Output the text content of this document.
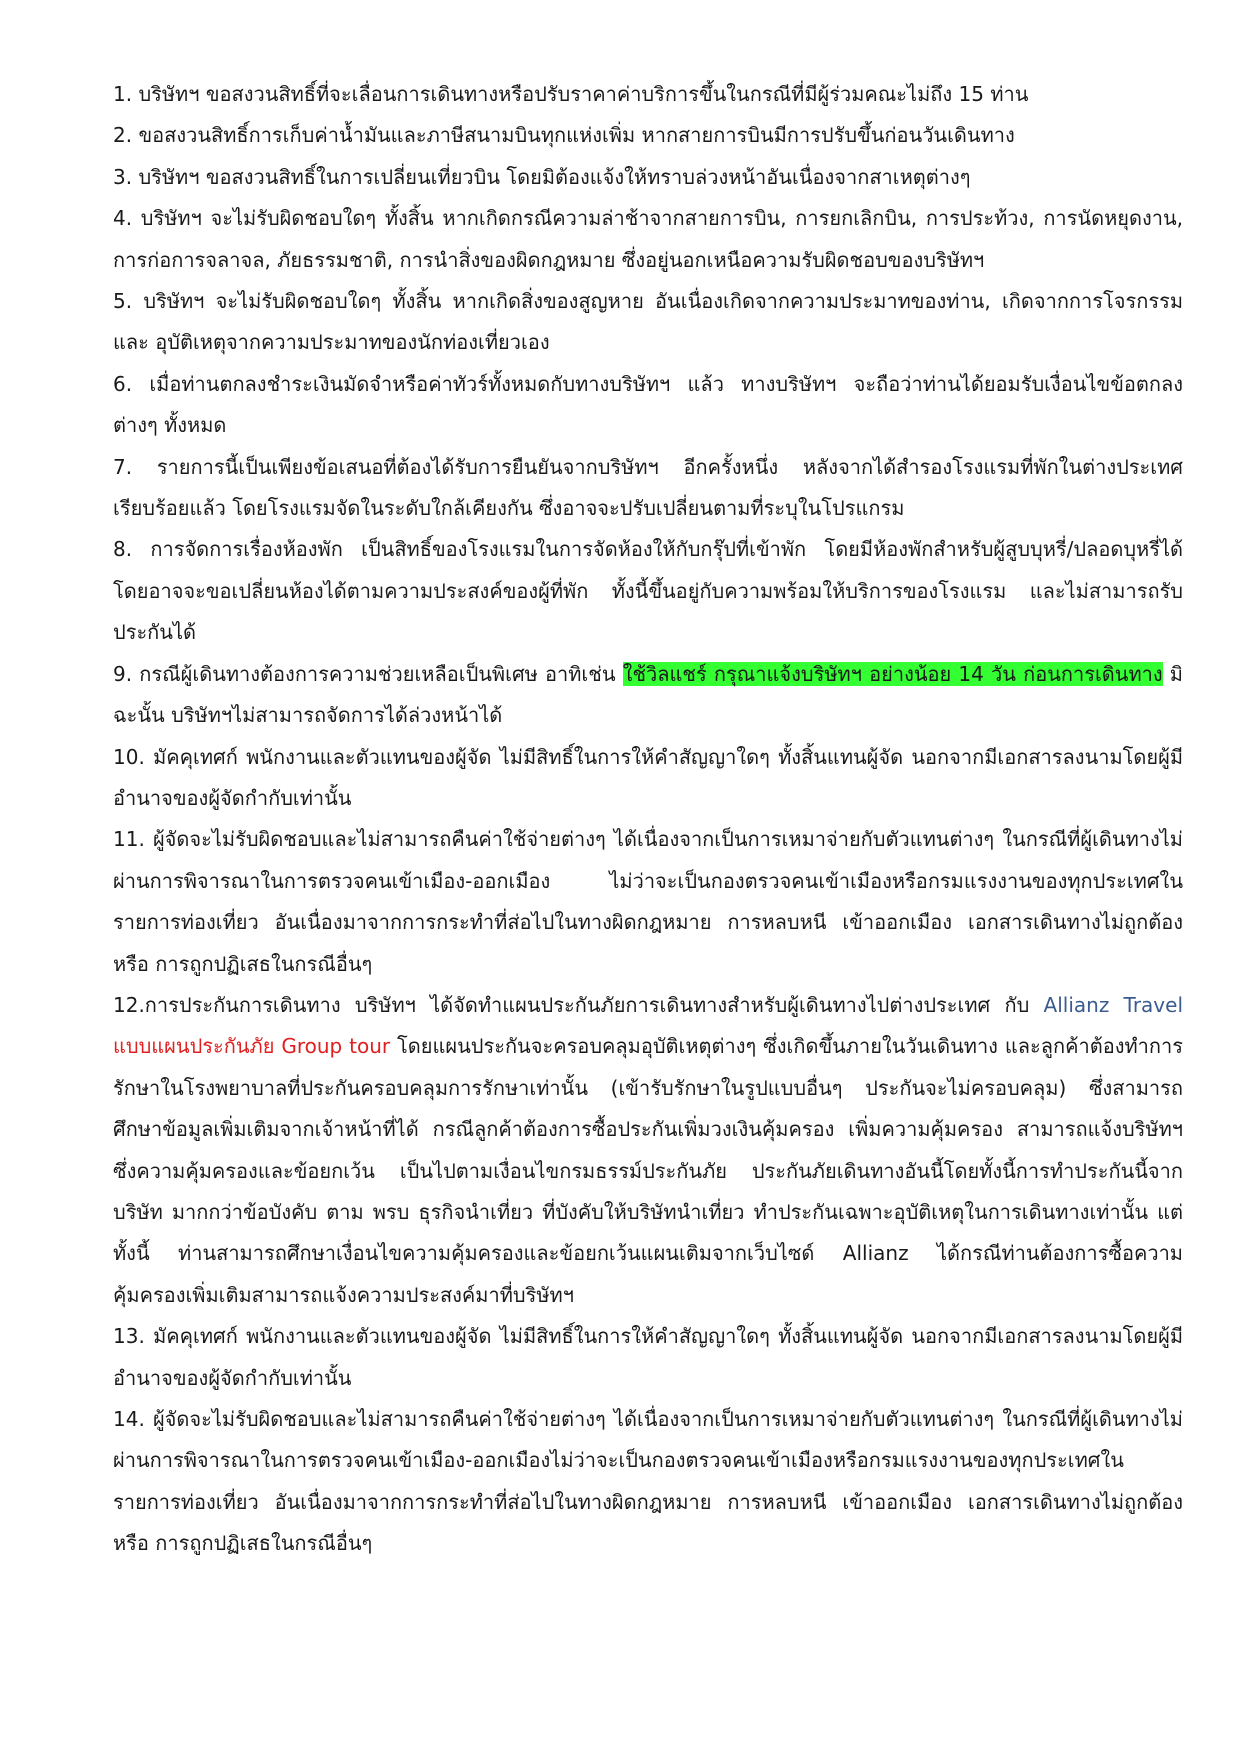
1. บริษัทฯ ขอสงวนสิทธิ์ที่จะเลื่อนการเดินทางหรือปรับราคาค่าบริการขึ้นในกรณีที่มีผู้ร่วมคณะไม่ถึง 15 ท่าน

2. ขอสงวนสิทธิ์การเก็บค่าน้ำมันและภาษีสนามบินทุกแห่งเพิ่ม หากสายการบินมีการปรับขึ้นก่อนวันเดินทาง

3. บริษัทฯ ขอสงวนสิทธิ์ในการเปลี่ยนเที่ยวบิน โดยมิต้องแจ้งให้ทราบล่วงหน้าอันเนื่องจากสาเหตุต่างๆ

4. บริษัทฯ จะไม่รับผิดชอบใดๆ ทั้งสิ้น หากเกิดกรณีความล่าช้าจากสายการบิน, การยกเลิกบิน, การประท้วง, การนัดหยุดงาน, การก่อการจลาจล, ภัยธรรมชาติ, การนำสิ่งของผิดกฎหมาย ซึ่งอยู่นอกเหนือความรับผิดชอบของบริษัทฯ

5. บริษัทฯ จะไม่รับผิดชอบใดๆ ทั้งสิ้น หากเกิดสิ่งของสูญหาย อันเนื่องเกิดจากความประมาทของท่าน, เกิดจากการโจรกรรม และ อุบัติเหตุจากความประมาทของนักท่องเที่ยวเอง

6. เมื่อท่านตกลงชำระเงินมัดจำหรือค่าทัวร์ทั้งหมดกับทางบริษัทฯ แล้ว ทางบริษัทฯ จะถือว่าท่านได้ยอมรับเงื่อนไขข้อตกลงต่างๆ ทั้งหมด

7. รายการนี้เป็นเพียงข้อเสนอที่ต้องได้รับการยืนยันจากบริษัทฯ อีกครั้งหนึ่ง หลังจากได้สำรองโรงแรมที่พักในต่างประเทศเรียบร้อยแล้ว โดยโรงแรมจัดในระดับใกล้เคียงกัน ซึ่งอาจจะปรับเปลี่ยนตามที่ระบุในโปรแกรม

8. การจัดการเรื่องห้องพัก เป็นสิทธิ์ของโรงแรมในการจัดห้องให้กับกรุ๊ปที่เข้าพัก โดยมีห้องพักสำหรับผู้สูบบุหรี่/ปลอดบุหรี่ได้ โดยอาจจะขอเปลี่ยนห้องได้ตามความประสงค์ของผู้ที่พัก ทั้งนี้ขึ้นอยู่กับความพร้อมให้บริการของโรงแรม และไม่สามารถรับประกันได้

9. กรณีผู้เดินทางต้องการความช่วยเหลือเป็นพิเศษ อาทิเช่น ใช้วิลแชร์ กรุณาแจ้งบริษัทฯ อย่างน้อย 14 วัน ก่อนการเดินทาง มิฉะนั้น บริษัทฯไม่สามารถจัดการได้ล่วงหน้าได้

10. มัคคุเทศก์ พนักงานและตัวแทนของผู้จัด ไม่มีสิทธิ์ในการให้คำสัญญาใดๆ ทั้งสิ้นแทนผู้จัด นอกจากมีเอกสารลงนามโดยผู้มีอำนาจของผู้จัดกำกับเท่านั้น

11. ผู้จัดจะไม่รับผิดชอบและไม่สามารถคืนค่าใช้จ่ายต่างๆ ได้เนื่องจากเป็นการเหมาจ่ายกับตัวแทนต่างๆ ในกรณีที่ผู้เดินทางไม่ผ่านการพิจารณาในการตรวจคนเข้าเมือง-ออกเมือง ไม่ว่าจะเป็นกองตรวจคนเข้าเมืองหรือกรมแรงงานของทุกประเทศในรายการท่องเที่ยว อันเนื่องมาจากการกระทำที่ส่อไปในทางผิดกฎหมาย การหลบหนี เข้าออกเมือง เอกสารเดินทางไม่ถูกต้อง หรือ การถูกปฏิเสธในกรณีอื่นๆ

12.การประกันการเดินทาง บริษัทฯ ได้จัดทำแผนประกันภัยการเดินทางสำหรับผู้เดินทางไปต่างประเทศ กับ Allianz Travel แบบแผนประกันภัย Group tour โดยแผนประกันจะครอบคลุมอุบัติเหตุต่างๆ ซึ่งเกิดขึ้นภายในวันเดินทาง และลูกค้าต้องทำการรักษาในโรงพยาบาลที่ประกันครอบคลุมการรักษาเท่านั้น (เข้ารับรักษาในรูปแบบอื่นๆ ประกันจะไม่ครอบคลุม) ซึ่งสามารถศึกษาข้อมูลเพิ่มเติมจากเจ้าหน้าที่ได้ กรณีลูกค้าต้องการซื้อประกันเพิ่มวงเงินคุ้มครอง เพิ่มความคุ้มครอง สามารถแจ้งบริษัทฯ ซึ่งความคุ้มครองและข้อยกเว้น เป็นไปตามเงื่อนไขกรมธรรม์ประกันภัย ประกันภัยเดินทางอันนี้โดยทั้งนี้การทำประกันนี้จากบริษัท มากกว่าข้อบังคับ ตาม พรบ ธุรกิจนำเที่ยว ที่บังคับให้บริษัทนำเที่ยว ทำประกันเฉพาะอุบัติเหตุในการเดินทางเท่านั้น แต่ทั้งนี้ ท่านสามารถศึกษาเงื่อนไขความคุ้มครองและข้อยกเว้นแผนเติมจากเว็บไซด์ Allianz ได้กรณีท่านต้องการซื้อความคุ้มครองเพิ่มเติมสามารถแจ้งความประสงค์มาที่บริษัทฯ

13. มัคคุเทศก์ พนักงานและตัวแทนของผู้จัด ไม่มีสิทธิ์ในการให้คำสัญญาใดๆ ทั้งสิ้นแทนผู้จัด นอกจากมีเอกสารลงนามโดยผู้มีอำนาจของผู้จัดกำกับเท่านั้น

14. ผู้จัดจะไม่รับผิดชอบและไม่สามารถคืนค่าใช้จ่ายต่างๆ ได้เนื่องจากเป็นการเหมาจ่ายกับตัวแทนต่างๆ ในกรณีที่ผู้เดินทางไม่ผ่านการพิจารณาในการตรวจคนเข้าเมือง-ออกเมืองไม่ว่าจะเป็นกองตรวจคนเข้าเมืองหรือกรมแรงงานของทุกประเทศในรายการท่องเที่ยว อันเนื่องมาจากการกระทำที่ส่อไปในทางผิดกฎหมาย การหลบหนี เข้าออกเมือง เอกสารเดินทางไม่ถูกต้อง หรือ การถูกปฏิเสธในกรณีอื่นๆ
